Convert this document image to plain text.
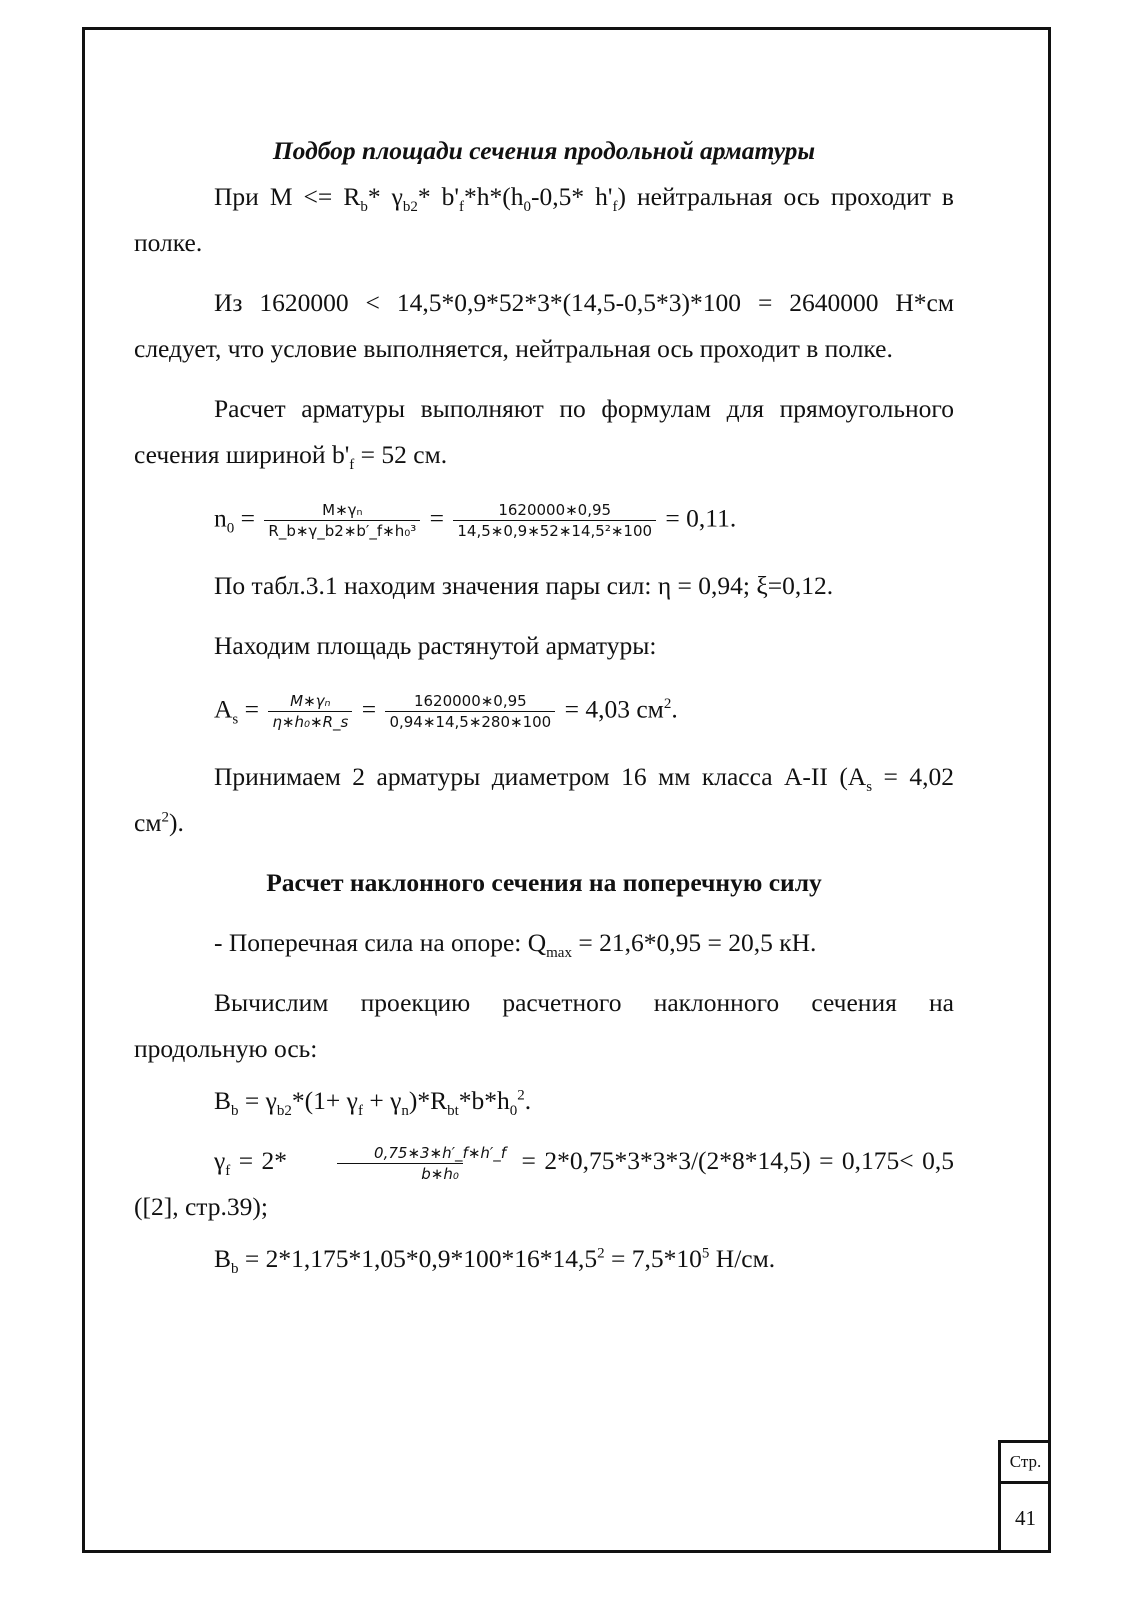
Подбор площади сечения продольной арматуры

При $M <= R_b*$ $\gamma_{b2}*$ $b'_f*h*(h_0-0,5*$ $h'_f$) нейтральная ось проходит в полке.

Из 1620000 < 14,5*0,9*52*3*(14,5-0,5*3)*100 = 2640000 Н*см следует, что условие выполняется, нейтральная ось проходит в полке.

Расчет арматуры выполняют по формулам для прямоугольного сечения шириной $b'_f = 52$ см.

$n_0 = \frac{\text{M∗γₙ}}{\text{R\_b∗γ\_b2∗b′\_f∗h₀³}} = \frac{1620000∗0,95}{\text{14,5∗0,9∗52∗14,5²∗100}} = 0,11$.

По табл.3.1 находим значения пары сил: η = 0,94; ξ=0,12.

Находим площадь растянутой арматуры:

$A_s = \frac{\text{M∗γₙ}}{\text{η∗h₀∗R\_s}} = \frac{1620000∗0,95}{0,94∗14,5∗280∗100} = 4,03$ $см^2$.

Принимаем 2 арматуры диаметром 16 мм класса A-II ($A_s = 4,02$ $см^2$).

Расчет наклонного сечения на поперечную силу

- Поперечная сила на опоре: $Q_{max} = 21,6*0,95 = 20,5$ кН.

Вычислим проекцию расчетного наклонного сечения на продольную ось:

$B_b = \gamma_{b2}*(1+ \gamma_f + \gamma_n)*R_{bt}*b*h_0^2$.

$\gamma_f = 2* \frac{0,75∗3∗h'\_f∗h'\_f}{\text{b∗h₀}} = 2*0,75*3*3*3/(2*8*14,5) = 0,175< 0,5$ ([2], стр.39);

$B_b = 2*1,175*1,05*0,9*100*16*14,5^2 = 7,5*10^5$ Н/см.

Стр.
41
